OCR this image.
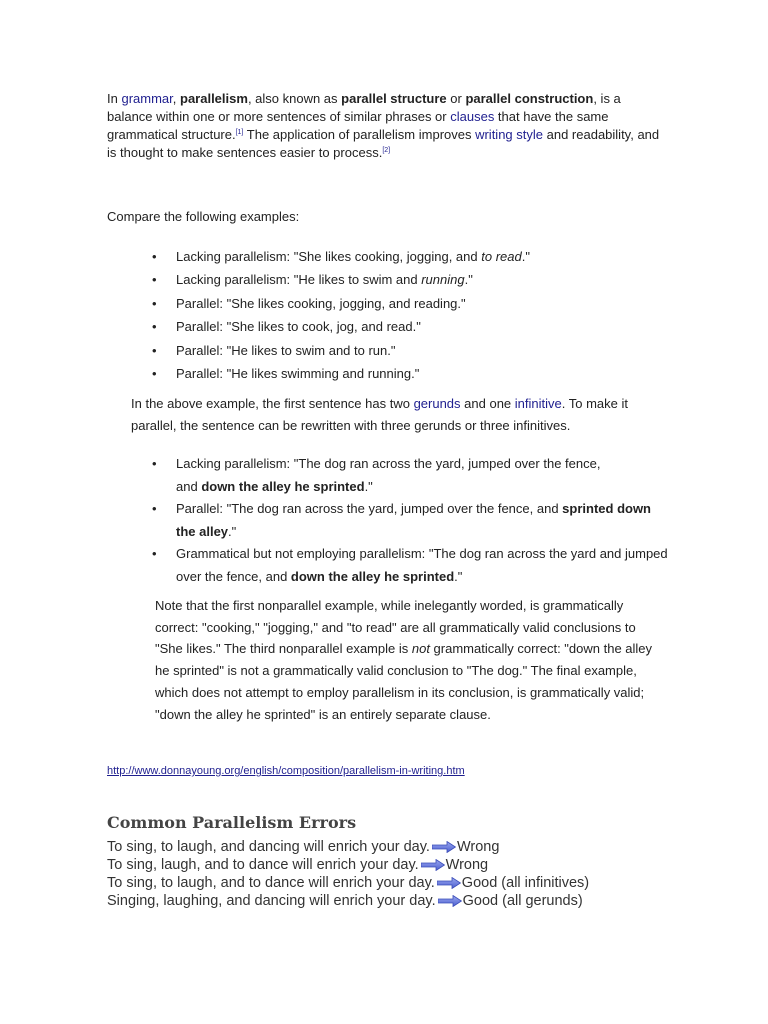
In grammar, parallelism, also known as parallel structure or parallel construction, is a balance within one or more sentences of similar phrases or clauses that have the same grammatical structure.[1] The application of parallelism improves writing style and readability, and is thought to make sentences easier to process.[2]

Compare the following examples:

• Lacking parallelism: "She likes cooking, jogging, and to read."
• Lacking parallelism: "He likes to swim and running."
• Parallel: "She likes cooking, jogging, and reading."
• Parallel: "She likes to cook, jog, and read."
• Parallel: "He likes to swim and to run."
• Parallel: "He likes swimming and running."

In the above example, the first sentence has two gerunds and one infinitive. To make it parallel, the sentence can be rewritten with three gerunds or three infinitives.

• Lacking parallelism: "The dog ran across the yard, jumped over the fence,
and down the alley he sprinted."
• Parallel: "The dog ran across the yard, jumped over the fence, and sprinted down the alley."
• Grammatical but not employing parallelism: "The dog ran across the yard and jumped over the fence, and down the alley he sprinted."

Note that the first nonparallel example, while inelegantly worded, is grammatically correct: "cooking," "jogging," and "to read" are all grammatically valid conclusions to "She likes." The third nonparallel example is not grammatically correct: "down the alley he sprinted" is not a grammatically valid conclusion to "The dog." The final example, which does not attempt to employ parallelism in its conclusion, is grammatically valid; "down the alley he sprinted" is an entirely separate clause.

http://www.donnayoung.org/english/composition/parallelism-in-writing.htm
Common Parallelism Errors
To sing, to laugh, and dancing will enrich your day. Wrong
To sing, laugh, and to dance will enrich your day. Wrong
To sing, to laugh, and to dance will enrich your day. Good (all infinitives)
Singing, laughing, and dancing will enrich your day. Good (all gerunds)
